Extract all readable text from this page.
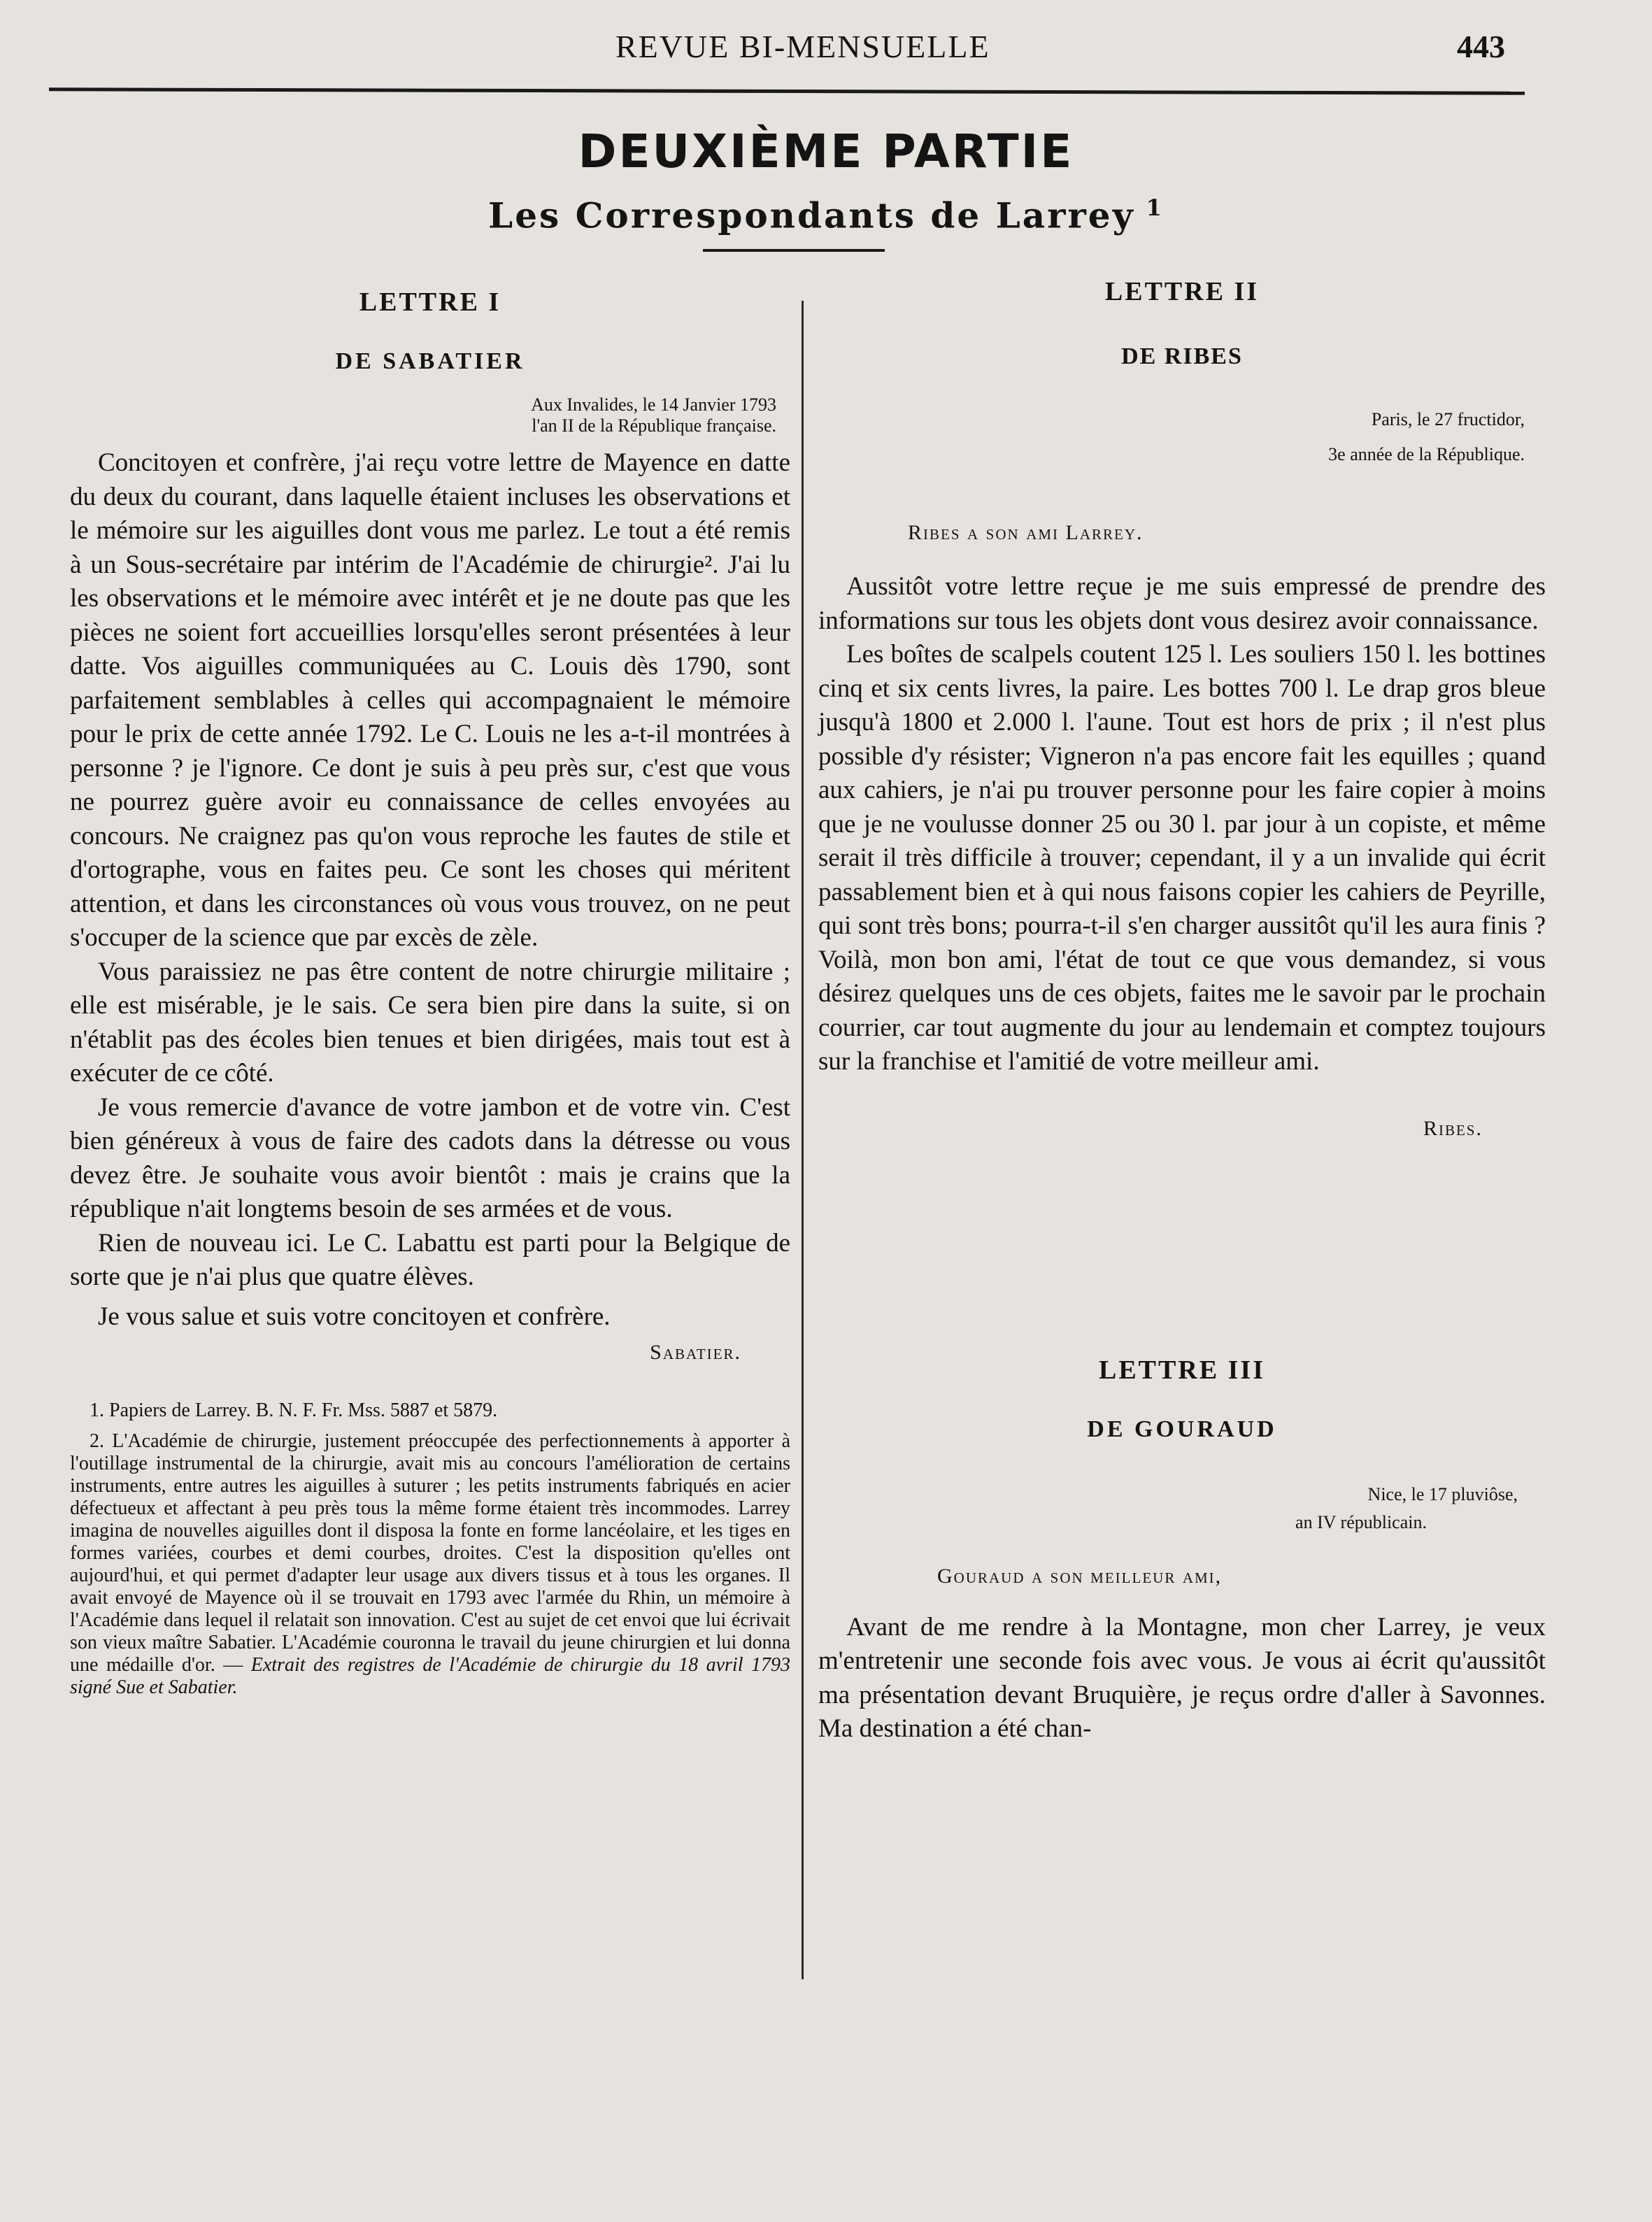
REVUE BI-MENSUELLE	443
DEUXIÈME PARTIE
Les Correspondants de Larrey $^1$
LETTRE I
DE SABATIER
Aux Invalides, le 14 Janvier 1793
l'an II de la République française.

Concitoyen et confrère, j'ai reçu votre lettre de Mayence en datte du deux du courant, dans laquelle étaient incluses les observations et le mémoire sur les aiguilles dont vous me parlez. Le tout a été remis à un Sous-secrétaire par intérim de l'Académie de chirurgie². J'ai lu les observations et le mémoire avec intérêt et je ne doute pas que les pièces ne soient fort accueillies lorsqu'elles seront présentées à leur datte. Vos aiguilles communiquées au C. Louis dès 1790, sont parfaitement semblables à celles qui accompagnaient le mémoire pour le prix de cette année 1792. Le C. Louis ne les a-t-il montrées à personne ? je l'ignore. Ce dont je suis à peu près sur, c'est que vous ne pourrez guère avoir eu connaissance de celles envoyées au concours. Ne craignez pas qu'on vous reproche les fautes de stile et d'ortographe, vous en faites peu. Ce sont les choses qui méritent attention, et dans les circonstances où vous vous trouvez, on ne peut s'occuper de la science que par excès de zèle.

Vous paraissiez ne pas être content de notre chirurgie militaire ; elle est misérable, je le sais. Ce sera bien pire dans la suite, si on n'établit pas des écoles bien tenues et bien dirigées, mais tout est à exécuter de ce côté.

Je vous remercie d'avance de votre jambon et de votre vin. C'est bien généreux à vous de faire des cadots dans la détresse ou vous devez être. Je souhaite vous avoir bientôt : mais je crains que la république n'ait longtems besoin de ses armées et de vous.

Rien de nouveau ici. Le C. Labattu est parti pour la Belgique de sorte que je n'ai plus que quatre élèves.

Je vous salue et suis votre concitoyen et confrère.

Sabatier.

1. Papiers de Larrey. B. N. F. Fr. Mss. 5887 et 5879.

2. L'Académie de chirurgie, justement préoccupée des perfectionnements à apporter à l'outillage instrumental de la chirurgie, avait mis au concours l'amélioration de certains instruments, entre autres les aiguilles à suturer ; les petits instruments fabriqués en acier défectueux et affectant à peu près tous la même forme étaient très incommodes. Larrey imagina de nouvelles aiguilles dont il disposa la fonte en forme lancéolaire, et les tiges en formes variées, courbes et demi courbes, droites. C'est la disposition qu'elles ont aujourd'hui, et qui permet d'adapter leur usage aux divers tissus et à tous les organes. Il avait envoyé de Mayence où il se trouvait en 1793 avec l'armée du Rhin, un mémoire à l'Académie dans lequel il relatait son innovation. C'est au sujet de cet envoi que lui écrivait son vieux maître Sabatier. L'Académie couronna le travail du jeune chirurgien et lui donna une médaille d'or. — Extrait des registres de l'Académie de chirurgie du 18 avril 1793 signé Sue et Sabatier.

LETTRE II
DE RIBES
Paris, le 27 fructidor,
3e année de la République.
Ribes a son ami Larrey.

Aussitôt votre lettre reçue je me suis empressé de prendre des informations sur tous les objets dont vous desirez avoir connaissance.

Les boîtes de scalpels coutent 125 l. Les souliers 150 l. les bottines cinq et six cents livres, la paire. Les bottes 700 l. Le drap gros bleue jusqu'à 1800 et 2.000 l. l'aune. Tout est hors de prix ; il n'est plus possible d'y résister; Vigneron n'a pas encore fait les equilles ; quand aux cahiers, je n'ai pu trouver personne pour les faire copier à moins que je ne voulusse donner 25 ou 30 l. par jour à un copiste, et même serait il très difficile à trouver; cependant, il y a un invalide qui écrit passablement bien et à qui nous faisons copier les cahiers de Peyrille, qui sont très bons; pourra-t-il s'en charger aussitôt qu'il les aura finis ? Voilà, mon bon ami, l'état de tout ce que vous demandez, si vous désirez quelques uns de ces objets, faites me le savoir par le prochain courrier, car tout augmente du jour au lendemain et comptez toujours sur la franchise et l'amitié de votre meilleur ami.

Ribes.
LETTRE III
DE GOURAUD
Nice, le 17 pluviôse,
an IV républicain.
Gouraud a son meilleur ami,

Avant de me rendre à la Montagne, mon cher Larrey, je veux m'entretenir une seconde fois avec vous. Je vous ai écrit qu'aussitôt ma présentation devant Bruquière, je reçus ordre d'aller à Savonnes. Ma destination a été chan-
